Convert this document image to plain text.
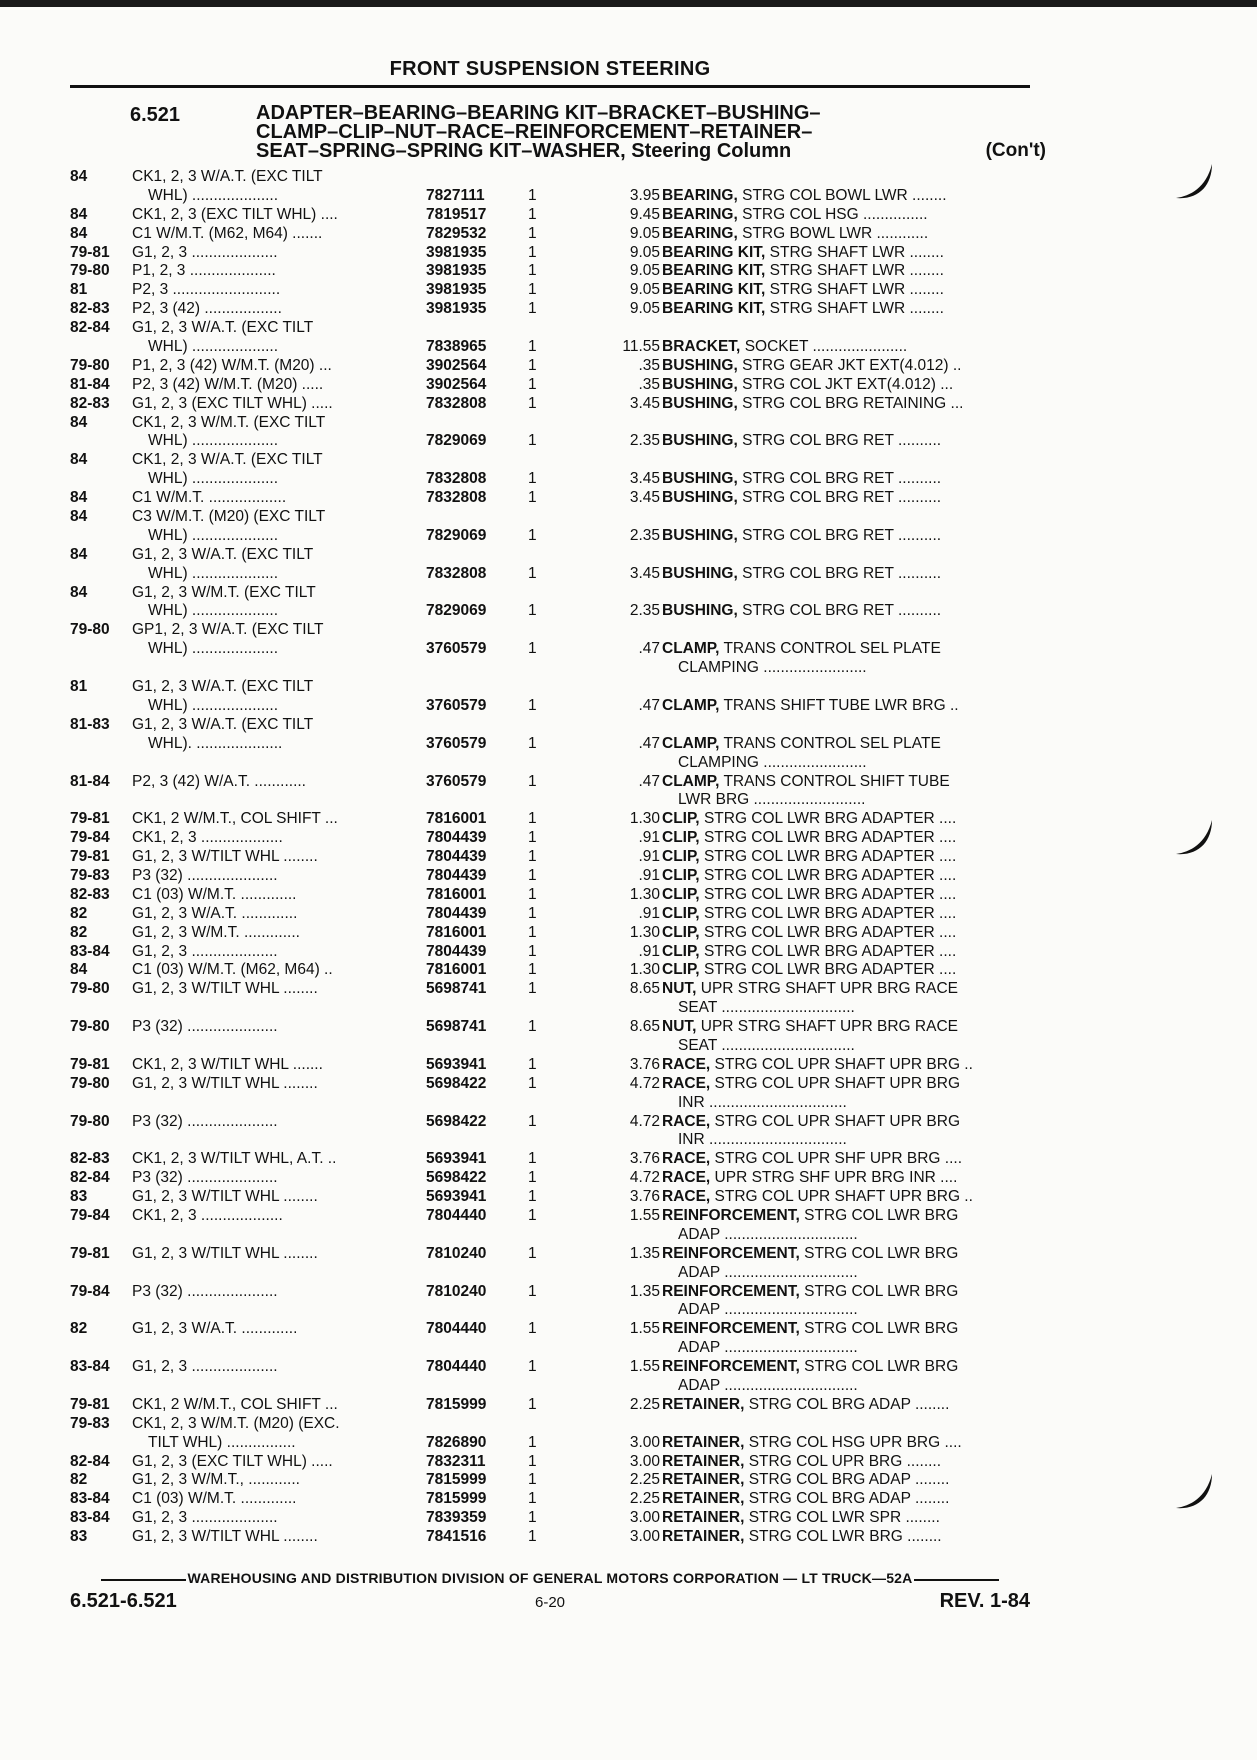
FRONT SUSPENSION STEERING
6.521	ADAPTER–BEARING–BEARING KIT–BRACKET–BUSHING–
CLAMP–CLIP–NUT–RACE–REINFORCEMENT–RETAINER–
SEAT–SPRING–SPRING KIT–WASHER, Steering Column	(Con't)
84	CK1, 2, 3 W/A.T. (EXC TILT
WHL) ....................	7827111	1	3.95 BEARING, STRG COL BOWL LWR ........
84	CK1, 2, 3 (EXC TILT WHL) ....	7819517	1	9.45 BEARING, STRG COL HSG ...............
84	C1 W/M.T. (M62, M64) .......	7829532	1	9.05 BEARING, STRG BOWL LWR ............
79-81	G1, 2, 3 ....................	3981935	1	9.05 BEARING KIT, STRG SHAFT LWR ........
79-80	P1, 2, 3 ....................	3981935	1	9.05 BEARING KIT, STRG SHAFT LWR ........
81	P2, 3 .........................	3981935	1	9.05 BEARING KIT, STRG SHAFT LWR ........
82-83	P2, 3 (42) ..................	3981935	1	9.05 BEARING KIT, STRG SHAFT LWR ........
82-84	G1, 2, 3 W/A.T. (EXC TILT
WHL) ....................	7838965	1	11.55 BRACKET, SOCKET ......................
79-80	P1, 2, 3 (42) W/M.T. (M20) ...	3902564	1	.35 BUSHING, STRG GEAR JKT EXT(4.012) ..
81-84	P2, 3 (42) W/M.T. (M20) .....	3902564	1	.35 BUSHING, STRG COL JKT EXT(4.012) ...
82-83	G1, 2, 3 (EXC TILT WHL) .....	7832808	1	3.45 BUSHING, STRG COL BRG RETAINING ...
84	CK1, 2, 3 W/M.T. (EXC TILT
WHL) ....................	7829069	1	2.35 BUSHING, STRG COL BRG RET ..........
84	CK1, 2, 3 W/A.T. (EXC TILT
WHL) ....................	7832808	1	3.45 BUSHING, STRG COL BRG RET ..........
84	C1 W/M.T. ..................	7832808	1	3.45 BUSHING, STRG COL BRG RET ..........
84	C3 W/M.T. (M20) (EXC TILT
WHL) ....................	7829069	1	2.35 BUSHING, STRG COL BRG RET ..........
84	G1, 2, 3 W/A.T. (EXC TILT
WHL) ....................	7832808	1	3.45 BUSHING, STRG COL BRG RET ..........
84	G1, 2, 3 W/M.T. (EXC TILT
WHL) ....................	7829069	1	2.35 BUSHING, STRG COL BRG RET ..........
79-80	GP1, 2, 3 W/A.T. (EXC TILT
WHL) ....................	3760579	1	.47 CLAMP, TRANS CONTROL SEL PLATE
CLAMPING ........................
81	G1, 2, 3 W/A.T. (EXC TILT
WHL) ....................	3760579	1	.47 CLAMP, TRANS SHIFT TUBE LWR BRG ..
81-83	G1, 2, 3 W/A.T. (EXC TILT
WHL). ....................	3760579	1	.47 CLAMP, TRANS CONTROL SEL PLATE
CLAMPING ........................
81-84	P2, 3 (42) W/A.T. ............	3760579	1	.47 CLAMP, TRANS CONTROL SHIFT TUBE
LWR BRG ..........................
79-81	CK1, 2 W/M.T., COL SHIFT ...	7816001	1	1.30 CLIP, STRG COL LWR BRG ADAPTER ....
79-84	CK1, 2, 3 ...................	7804439	1	.91 CLIP, STRG COL LWR BRG ADAPTER ....
79-81	G1, 2, 3 W/TILT WHL ........	7804439	1	.91 CLIP, STRG COL LWR BRG ADAPTER ....
79-83	P3 (32) .....................	7804439	1	.91 CLIP, STRG COL LWR BRG ADAPTER ....
82-83	C1 (03) W/M.T. .............	7816001	1	1.30 CLIP, STRG COL LWR BRG ADAPTER ....
82	G1, 2, 3 W/A.T. .............	7804439	1	.91 CLIP, STRG COL LWR BRG ADAPTER ....
82	G1, 2, 3 W/M.T. .............	7816001	1	1.30 CLIP, STRG COL LWR BRG ADAPTER ....
83-84	G1, 2, 3 ....................	7804439	1	.91 CLIP, STRG COL LWR BRG ADAPTER ....
84	C1 (03) W/M.T. (M62, M64) ..	7816001	1	1.30 CLIP, STRG COL LWR BRG ADAPTER ....
79-80	G1, 2, 3 W/TILT WHL ........	5698741	1	8.65 NUT, UPR STRG SHAFT UPR BRG RACE
SEAT ...............................
79-80	P3 (32) .....................	5698741	1	8.65 NUT, UPR STRG SHAFT UPR BRG RACE
SEAT ...............................
79-81	CK1, 2, 3 W/TILT WHL .......	5693941	1	3.76 RACE, STRG COL UPR SHAFT UPR BRG ..
79-80	G1, 2, 3 W/TILT WHL ........	5698422	1	4.72 RACE, STRG COL UPR SHAFT UPR BRG
INR ................................
79-80	P3 (32) .....................	5698422	1	4.72 RACE, STRG COL UPR SHAFT UPR BRG
INR ................................
82-83	CK1, 2, 3 W/TILT WHL, A.T. ..	5693941	1	3.76 RACE, STRG COL UPR SHF UPR BRG ....
82-84	P3 (32) .....................	5698422	1	4.72 RACE, UPR STRG SHF UPR BRG INR ....
83	G1, 2, 3 W/TILT WHL ........	5693941	1	3.76 RACE, STRG COL UPR SHAFT UPR BRG ..
79-84	CK1, 2, 3 ...................	7804440	1	1.55 REINFORCEMENT, STRG COL LWR BRG
ADAP ...............................
79-81	G1, 2, 3 W/TILT WHL ........	7810240	1	1.35 REINFORCEMENT, STRG COL LWR BRG
ADAP ...............................
79-84	P3 (32) .....................	7810240	1	1.35 REINFORCEMENT, STRG COL LWR BRG
ADAP ...............................
82	G1, 2, 3 W/A.T. .............	7804440	1	1.55 REINFORCEMENT, STRG COL LWR BRG
ADAP ...............................
83-84	G1, 2, 3 ....................	7804440	1	1.55 REINFORCEMENT, STRG COL LWR BRG
ADAP ...............................
79-81	CK1, 2 W/M.T., COL SHIFT ...	7815999	1	2.25 RETAINER, STRG COL BRG ADAP ........
79-83	CK1, 2, 3 W/M.T. (M20) (EXC.
TILT WHL) ................	7826890	1	3.00 RETAINER, STRG COL HSG UPR BRG ....
82-84	G1, 2, 3 (EXC TILT WHL) .....	7832311	1	3.00 RETAINER, STRG COL UPR BRG ........
82	G1, 2, 3 W/M.T., ............	7815999	1	2.25 RETAINER, STRG COL BRG ADAP ........
83-84	C1 (03) W/M.T. .............	7815999	1	2.25 RETAINER, STRG COL BRG ADAP ........
83-84	G1, 2, 3 ....................	7839359	1	3.00 RETAINER, STRG COL LWR SPR ........
83	G1, 2, 3 W/TILT WHL ........	7841516	1	3.00 RETAINER, STRG COL LWR BRG ........
WAREHOUSING AND DISTRIBUTION DIVISION OF GENERAL MOTORS CORPORATION — LT TRUCK—52A
6.521-6.521	6-20	REV. 1-84
